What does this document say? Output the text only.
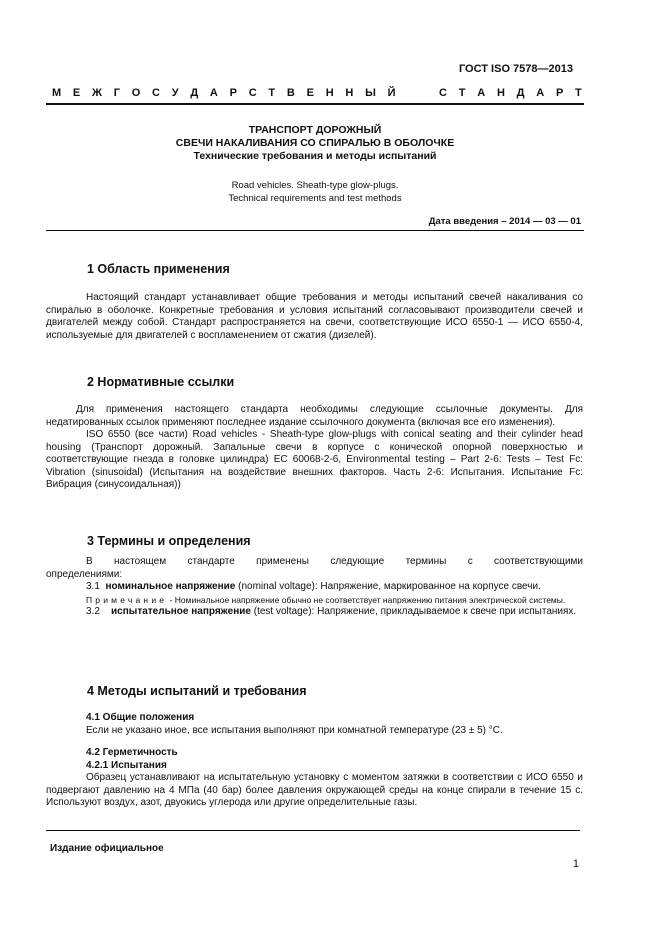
ГОСТ ISO 7578—2013
М Е Ж Г О С У Д А Р С Т В Е Н Н Ы Й	С Т А Н Д А Р Т
ТРАНСПОРТ ДОРОЖНЫЙ
СВЕЧИ НАКАЛИВАНИЯ СО СПИРАЛЬЮ В ОБОЛОЧКЕ
Технические требования и методы испытаний
Road vehicles. Sheath-type glow-plugs.
Technical requirements and test methods
Дата введения – 2014 — 03 — 01
1 Область применения

Настоящий стандарт устанавливает общие требования и методы испытаний свечей накаливания со спиралью в оболочке. Конкретные требования и условия испытаний согласовывают производители свечей и двигателей между собой. Стандарт распространяется на свечи, соответствующие ИСО 6550-1 — ИСО 6550-4, используемые для двигателей с воспламенением от сжатия (дизелей).

2 Нормативные ссылки

Для применения настоящего стандарта необходимы следующие ссылочные документы. Для недатированных ссылок применяют последнее издание ссылочного документа (включая все его изменения).

ISO 6550 (все части) Road vehicles - Sheath-type glow-plugs with conical seating and their cylinder head housing (Транспорт дорожный. Запальные свечи в корпусе с конической опорной поверхностью и соответствующие гнезда в головке цилиндра) ЕС 60068-2-6, Environmental testing – Part 2-6: Tests – Test Fc: Vibration (sinusoidal) (Испытания на воздействие внешних факторов. Часть 2-6: Испытания. Испытание Fc: Вибрация (синусоидальная))

3 Термины и определения

В настоящем стандарте применены следующие термины с соответствующими определениями:

3.1 номинальное напряжение (nominal voltage): Напряжение, маркированное на корпусе свечи.

Примечание - Номинальное напряжение обычно не соответствует напряжению питания электрической системы.

3.2 испытательное напряжение (test voltage): Напряжение, прикладываемое к свече при испытаниях.

4 Методы испытаний и требования

4.1 Общие положения

Если не указано иное, все испытания выполняют при комнатной температуре (23 ± 5) °С.

4.2 Герметичность

4.2.1 Испытания

Образец устанавливают на испытательную установку с моментом затяжки в соответствии с ИСО 6550 и подвергают давлению на 4 МПа (40 бар) более давления окружающей среды на конце спирали в течение 15 с. Используют воздух, азот, двуокись углерода или другие определительные газы.

Издание официальное
1
